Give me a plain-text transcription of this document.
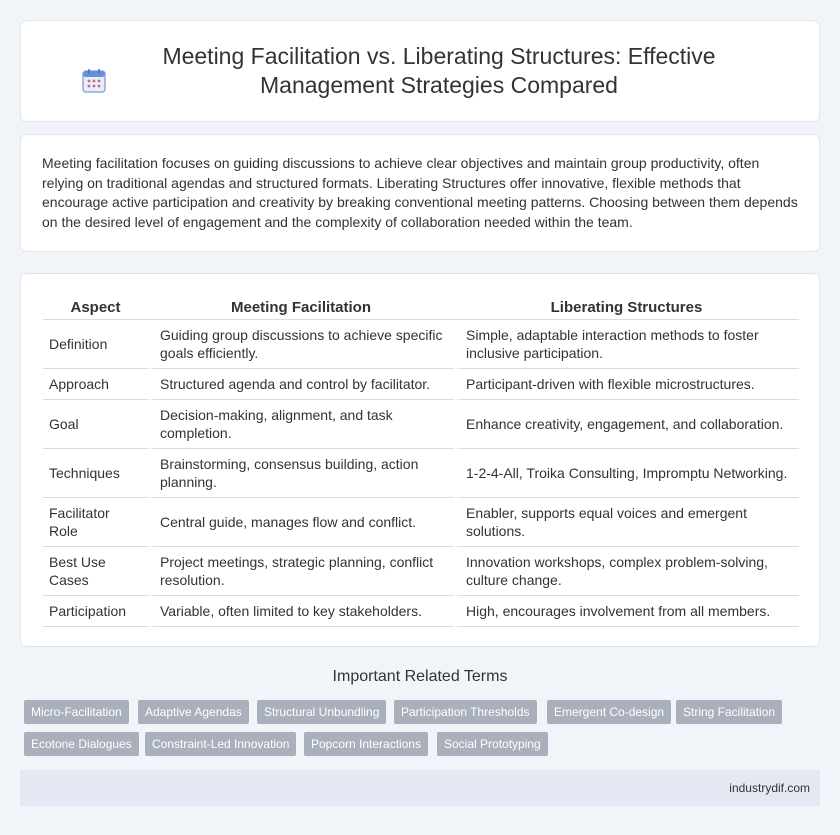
Meeting Facilitation vs. Liberating Structures: Effective Management Strategies Compared

Meeting facilitation focuses on guiding discussions to achieve clear objectives and maintain group productivity, often relying on traditional agendas and structured formats. Liberating Structures offer innovative, flexible methods that encourage active participation and creativity by breaking conventional meeting patterns. Choosing between them depends on the desired level of engagement and the complexity of collaboration needed within the team.

Aspect	Meeting Facilitation	Liberating Structures
Definition	Guiding group discussions to achieve specific goals efficiently.	Simple, adaptable interaction methods to foster inclusive participation.
Approach	Structured agenda and control by facilitator.	Participant-driven with flexible microstructures.
Goal	Decision-making, alignment, and task completion.	Enhance creativity, engagement, and collaboration.
Techniques	Brainstorming, consensus building, action planning.	1-2-4-All, Troika Consulting, Impromptu Networking.
Facilitator Role	Central guide, manages flow and conflict.	Enabler, supports equal voices and emergent solutions.
Best Use Cases	Project meetings, strategic planning, conflict resolution.	Innovation workshops, complex problem-solving, culture change.
Participation	Variable, often limited to key stakeholders.	High, encourages involvement from all members.
Important Related Terms
Micro-Facilitation	Adaptive Agendas	Structural Unbundling	Participation Thresholds	Emergent Co-design	String Facilitation
Ecotone Dialogues	Constraint-Led Innovation	Popcorn Interactions	Social Prototyping
industrydif.com
